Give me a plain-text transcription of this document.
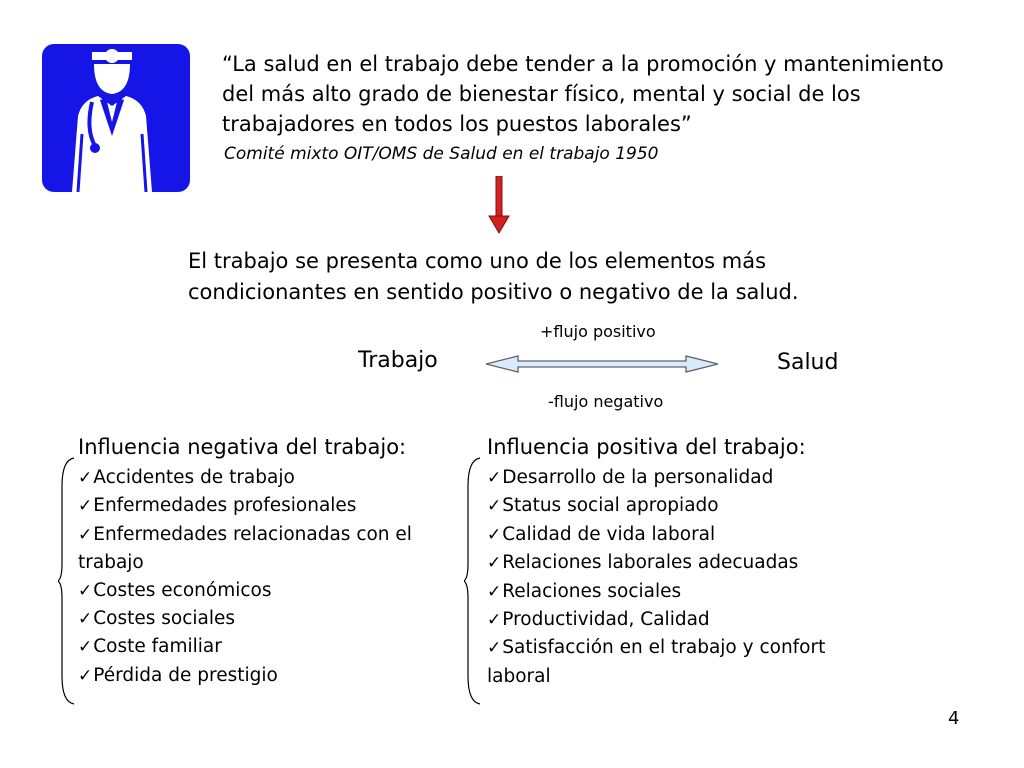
“La salud en el trabajo debe tender a la promoción y mantenimiento del más alto grado de bienestar físico, mental y social de los trabajadores en todos los puestos laborales”
Comité mixto OIT/OMS de Salud en el trabajo 1950
El trabajo se presenta como uno de los elementos más condicionantes en sentido positivo o negativo de la salud.
+flujo positivo
Trabajo	Salud
-flujo negativo
Influencia negativa del trabajo:
✓Accidentes de trabajo
✓Enfermedades profesionales
✓Enfermedades relacionadas con el trabajo
✓Costes económicos
✓Costes sociales
✓Coste familiar
✓Pérdida de prestigio
Influencia positiva del trabajo:
✓Desarrollo de la personalidad
✓Status social apropiado
✓Calidad de vida laboral
✓Relaciones laborales adecuadas
✓Relaciones sociales
✓Productividad, Calidad
✓Satisfacción en el trabajo y confort laboral
4
